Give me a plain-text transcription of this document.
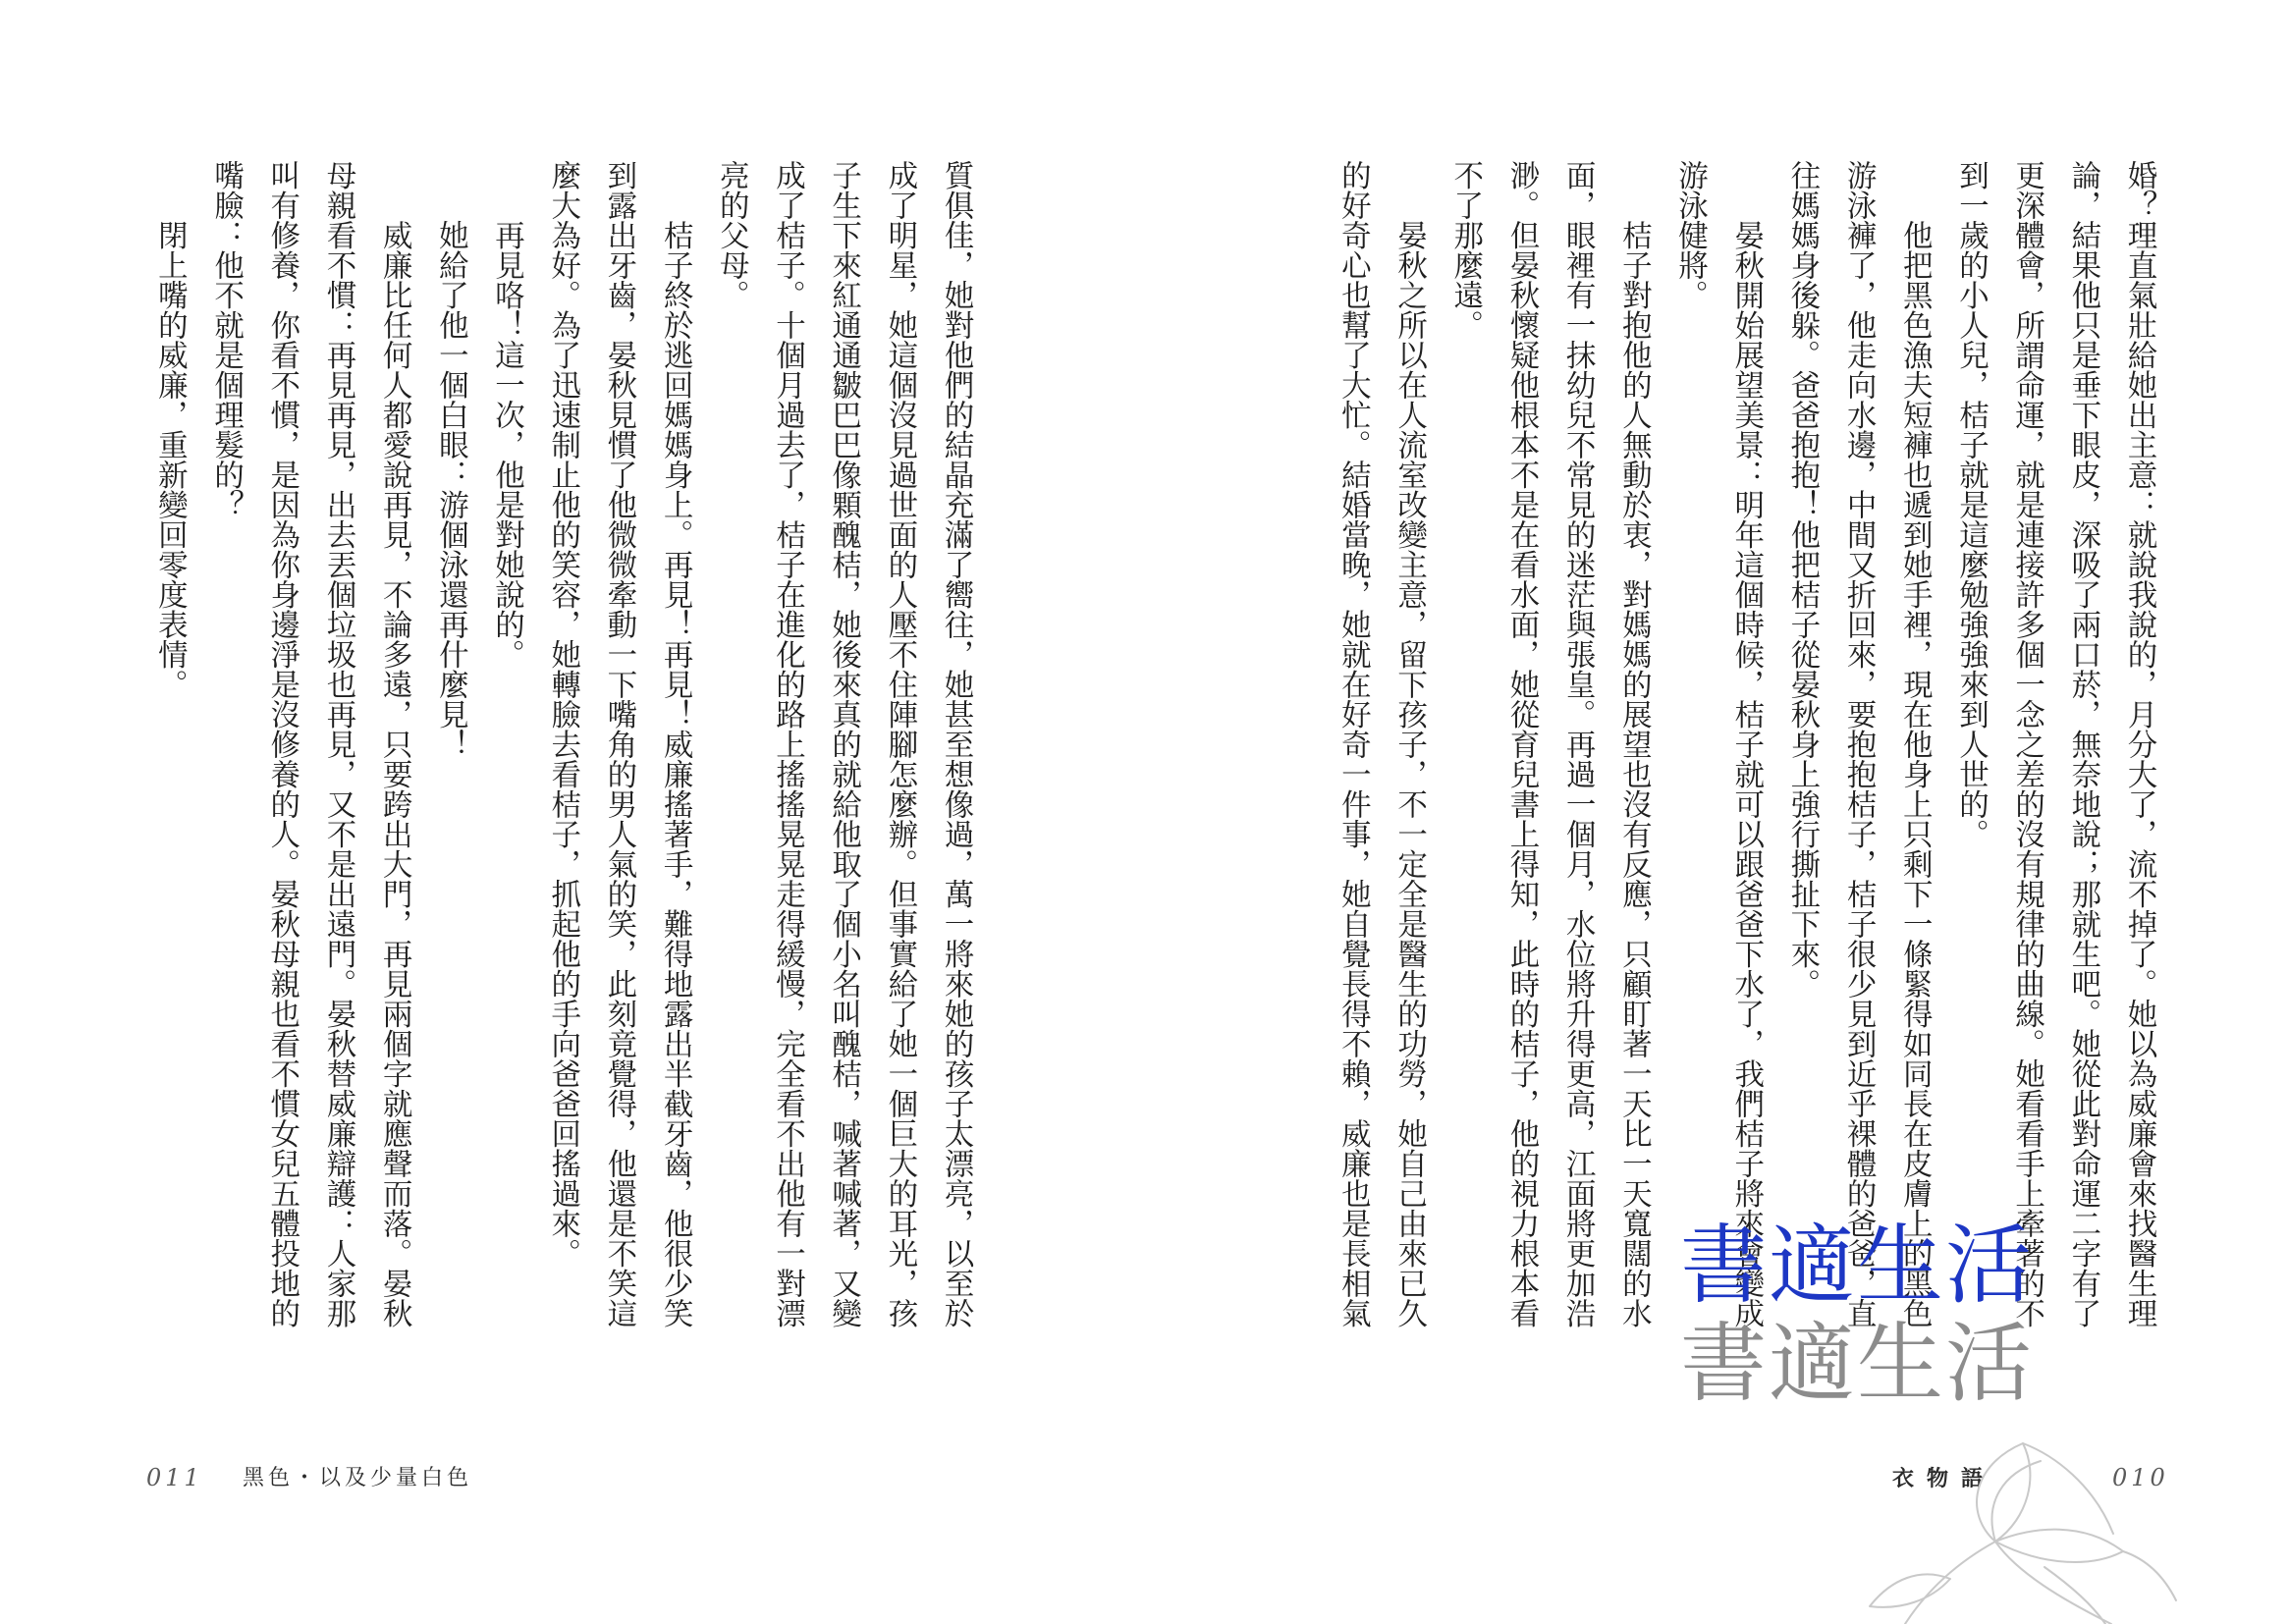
質俱佳，她對他們的結晶充滿了嚮往，她甚至想像過，萬一將來她的孩子太漂亮，以至於
成了明星，她這個沒見過世面的人壓不住陣腳怎麼辦。但事實給了她一個巨大的耳光，孩
子生下來紅通通皺巴巴像顆醜桔，她後來真的就給他取了個小名叫醜桔，喊著喊著，又變
成了桔子。十個月過去了，桔子在進化的路上搖搖晃晃走得緩慢，完全看不出他有一對漂
亮的父母。
桔子終於逃回媽媽身上。再見！再見！威廉搖著手，難得地露出半截牙齒，他很少笑
到露出牙齒，晏秋見慣了他微微牽動一下嘴角的男人氣的笑，此刻竟覺得，他還是不笑這
麼大為好。為了迅速制止他的笑容，她轉臉去看桔子，抓起他的手向爸爸回搖過來。
再見咯！這一次，他是對她說的。
她給了他一個白眼：游個泳還再什麼見！
威廉比任何人都愛說再見，不論多遠，只要跨出大門，再見兩個字就應聲而落。晏秋
母親看不慣：再見再見，出去丟個垃圾也再見，又不是出遠門。晏秋替威廉辯護：人家那
叫有修養，你看不慣，是因為你身邊淨是沒修養的人。晏秋母親也看不慣女兒五體投地的
嘴臉：他不就是個理髮的？
閉上嘴的威廉，重新變回零度表情。
011 黑色・以及少量白色
婚？理直氣壯給她出主意：就說我說的，月分大了，流不掉了。她以為威廉會來找醫生理
論，結果他只是垂下眼皮，深吸了兩口菸，無奈地說；那就生吧。她從此對命運二字有了
更深體會，所謂命運，就是連接許多個一念之差的沒有規律的曲線。她看看手上牽著的不
到一歲的小人兒，桔子就是這麼勉強強來到人世的。
他把黑色漁夫短褲也遞到她手裡，現在他身上只剩下一條緊得如同長在皮膚上的黑色
游泳褲了，他走向水邊，中間又折回來，要抱抱桔子，桔子很少見到近乎裸體的爸爸，直
往媽媽身後躲。爸爸抱抱！他把桔子從晏秋身上強行撕扯下來。
晏秋開始展望美景：明年這個時候，桔子就可以跟爸爸下水了，我們桔子將來會變成
游泳健將。
桔子對抱他的人無動於衷，對媽媽的展望也沒有反應，只顧盯著一天比一天寬闊的水
面，眼裡有一抹幼兒不常見的迷茫與張皇。再過一個月，水位將升得更高，江面將更加浩
渺。但晏秋懷疑他根本不是在看水面，她從育兒書上得知，此時的桔子，他的視力根本看
不了那麼遠。
晏秋之所以在人流室改變主意，留下孩子，不一定全是醫生的功勞，她自己由來已久
的好奇心也幫了大忙。結婚當晚，她就在好奇一件事，她自覺長得不賴，威廉也是長相氣
衣物語	010
書適生活
書適生活
